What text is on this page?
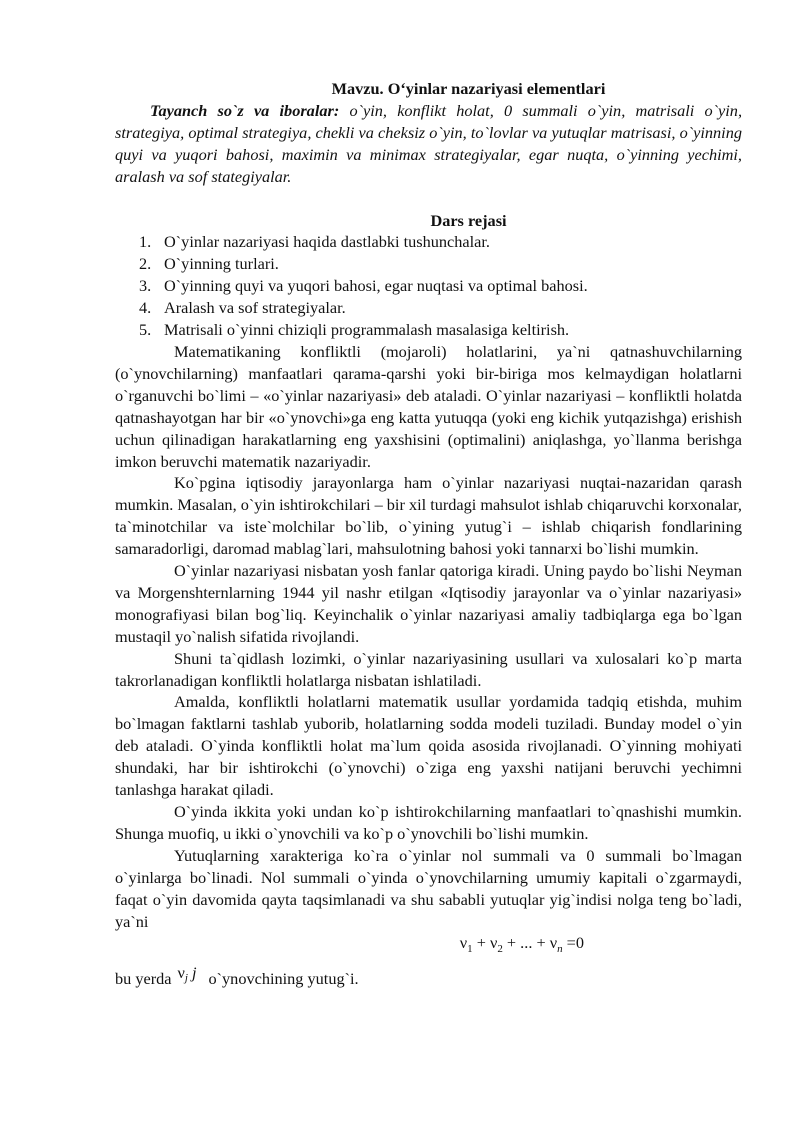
Mavzu. O‘yinlar nazariyasi elementlari

Tayanch so`z va iboralar: o`yin, konflikt holat, 0 summali o`yin, matrisali o`yin, strategiya, optimal strategiya, chekli va cheksiz o`yin, to`lovlar va yutuqlar matrisasi, o`yinning quyi va yuqori bahosi, maximin va minimax strategiyalar, egar nuqta, o`yinning yechimi, aralash va sof stategiyalar.

Dars rejasi

1. O`yinlar nazariyasi haqida dastlabki tushunchalar.
2. O`yinning turlari.
3. O`yinning quyi va yuqori bahosi, egar nuqtasi va optimal bahosi.
4. Aralash va sof strategiyalar.
5. Matrisali o`yinni chiziqli programmalash masalasiga keltirish.

Matematikaning konfliktli (mojaroli) holatlarini, ya`ni qatnashuvchilarning (o`ynovchilarning) manfaatlari qarama-qarshi yoki bir-biriga mos kelmaydigan holatlarni o`rganuvchi bo`limi – «o`yinlar nazariyasi» deb ataladi. O`yinlar nazariyasi – konfliktli holatda qatnashayotgan har bir «o`ynovchi»ga eng katta yutuqqa (yoki eng kichik yutqazishga) erishish uchun qilinadigan harakatlarning eng yaxshisini (optimalini) aniqlashga, yo`llanma berishga imkon beruvchi matematik nazariyadir.

Ko`pgina iqtisodiy jarayonlarga ham o`yinlar nazariyasi nuqtai-nazaridan qarash mumkin. Masalan, o`yin ishtirokchilari – bir xil turdagi mahsulot ishlab chiqaruvchi korxonalar, ta`minotchilar va iste`molchilar bo`lib, o`yining yutug`i – ishlab chiqarish fondlarining samaradorligi, daromad mablag`lari, mahsulotning bahosi yoki tannarxi bo`lishi mumkin.

O`yinlar nazariyasi nisbatan yosh fanlar qatoriga kiradi. Uning paydo bo`lishi Neyman va Morgenshternlarning 1944 yil nashr etilgan «Iqtisodiy jarayonlar va o`yinlar nazariyasi» monografiyasi bilan bog`liq. Keyinchalik o`yinlar nazariyasi amaliy tadbiqlarga ega bo`lgan mustaqil yo`nalish sifatida rivojlandi.

Shuni ta`qidlash lozimki, o`yinlar nazariyasining usullari va xulosalari ko`p marta takrorlanadigan konfliktli holatlarga nisbatan ishlatiladi.

Amalda, konfliktli holatlarni matematik usullar yordamida tadqiq etishda, muhim bo`lmagan faktlarni tashlab yuborib, holatlarning sodda modeli tuziladi. Bunday model o`yin deb ataladi. O`yinda konfliktli holat ma`lum qoida asosida rivojlanadi. O`yinning mohiyati shundaki, har bir ishtirokchi (o`ynovchi) o`ziga eng yaxshi natijani beruvchi yechimni tanlashga harakat qiladi.

O`yinda ikkita yoki undan ko`p ishtirokchilarning manfaatlari to`qnashishi mumkin. Shunga muofiq, u ikki o`ynovchili va ko`p o`ynovchili bo`lishi mumkin.

Yutuqlarning xarakteriga ko`ra o`yinlar nol summali va 0 summali bo`lmagan o`yinlarga bo`linadi. Nol summali o`yinda o`ynovchilarning umumiy kapitali o`zgarmaydi, faqat o`yin davomida qayta taqsimlanadi va shu sababli yutuqlar yig`indisi nolga teng bo`ladi, ya`ni

$\nu_1 + \nu_2$ + ... + $\nu_n =0$

bu yerda νj j o`ynovchining yutug`i.
